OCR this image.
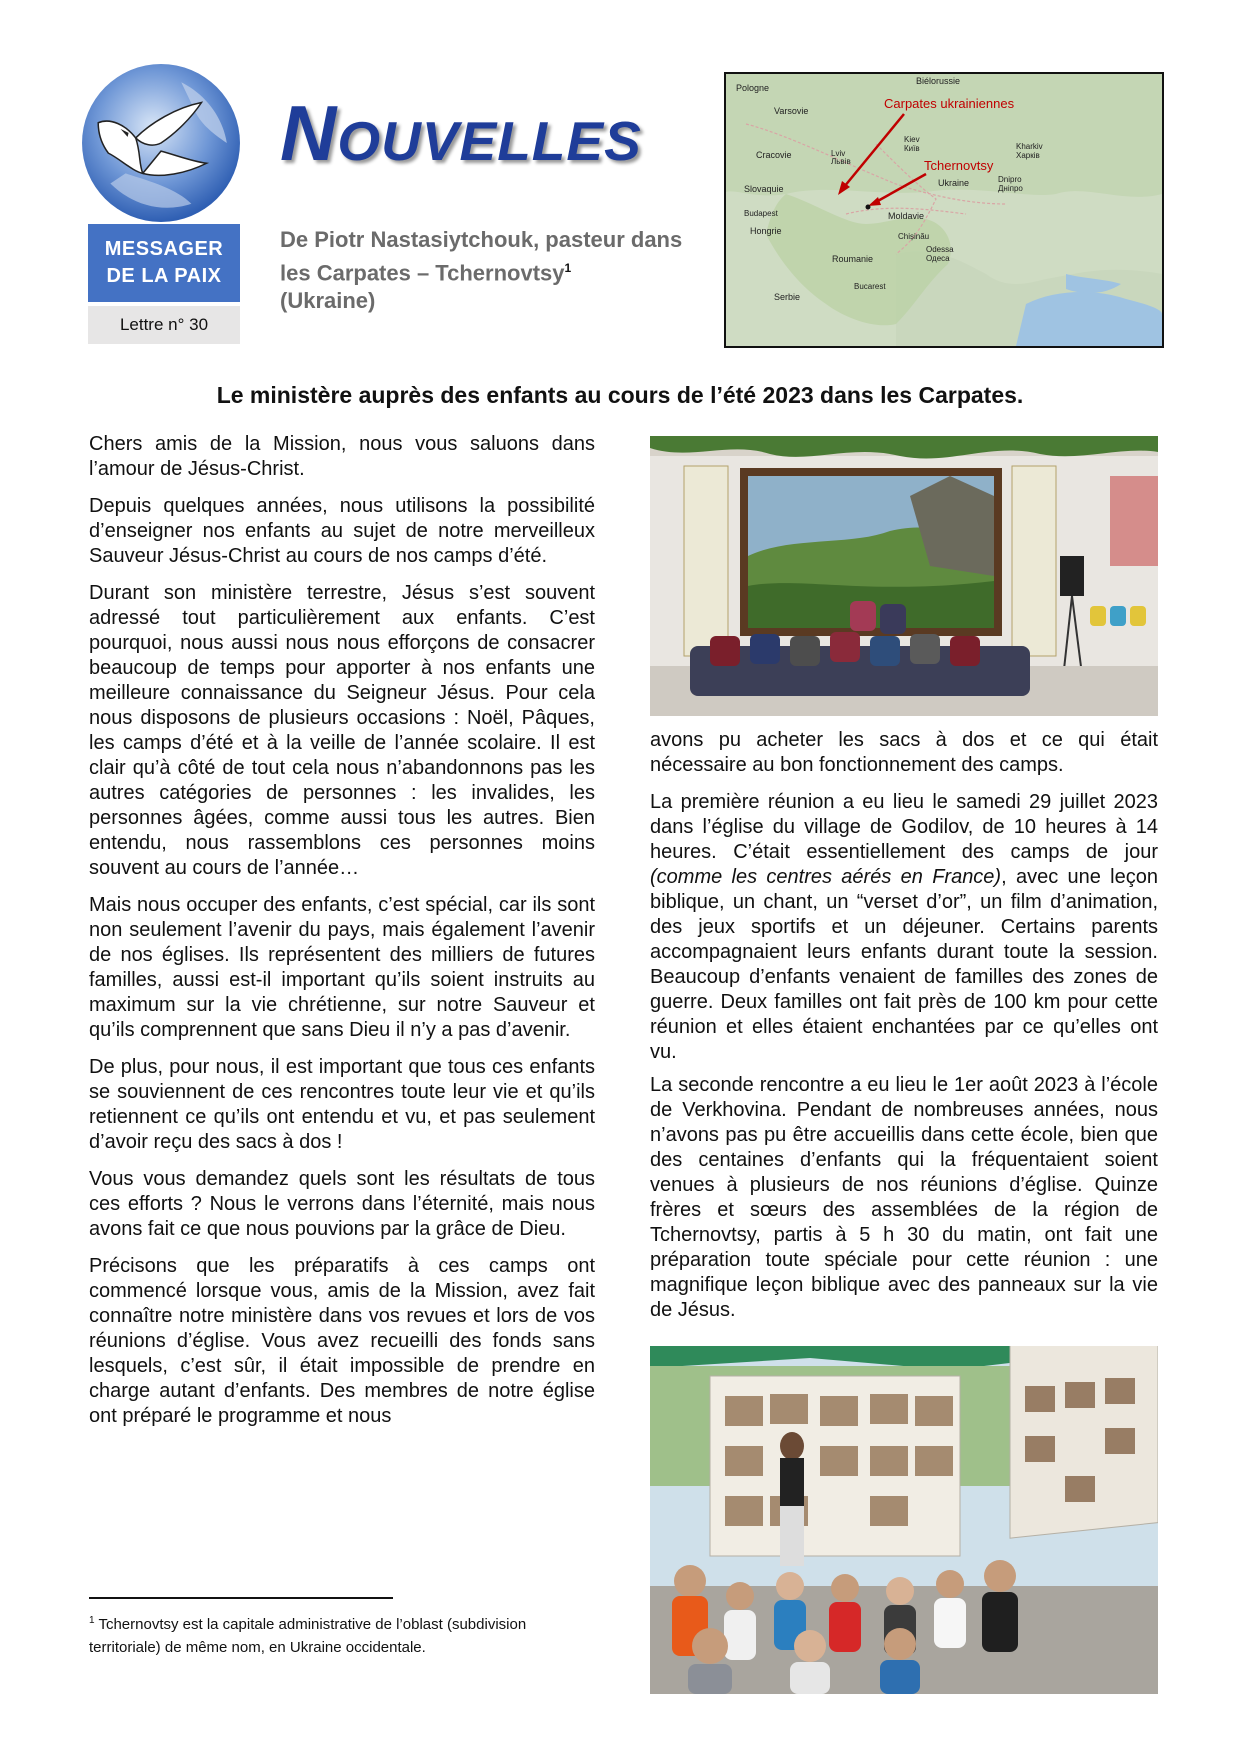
MESSAGER
DE LA PAIX
Lettre n° 30
Nouvelles
De Piotr Nastasiytchouk, pasteur dans les Carpates – Tchernovtsy$^1$
(Ukraine)
Biélorussie
Pologne
Varsovie
Kiev
Київ
Cracovie	Lviv
Львів
Kharkiv
Харків
Slovaquie
Ukraine	Dnipro
Дніпро
Budapest	Moldavie
Hongrie
Chișinău
Odessa
Одеса
Roumanie
Bucarest
Serbie
Carpates ukrainiennes
Tchernovtsy
Le ministère auprès des enfants au cours de l’été 2023 dans les Carpates.

Chers amis de la Mission, nous vous saluons dans l’amour de Jésus-Christ.

Depuis quelques années, nous utilisons la possibilité d’enseigner nos enfants au sujet de notre merveilleux Sauveur Jésus-Christ au cours de nos camps d’été.

Durant son ministère terrestre, Jésus s’est souvent adressé tout particulièrement aux enfants. C’est pourquoi, nous aussi nous nous efforçons de consacrer beaucoup de temps pour apporter à nos enfants une meilleure connaissance du Seigneur Jésus. Pour cela nous disposons de plusieurs occasions : Noël, Pâques, les camps d’été et à la veille de l’année scolaire. Il est clair qu’à côté de tout cela nous n’abandonnons pas les autres catégories de personnes : les invalides, les personnes âgées, comme aussi tous les autres. Bien entendu, nous rassemblons ces personnes moins souvent au cours de l’année…

Mais nous occuper des enfants, c’est spécial, car ils sont non seulement l’avenir du pays, mais également l’avenir de nos églises. Ils représentent des milliers de futures familles, aussi est-il important qu’ils soient instruits au maximum sur la vie chrétienne, sur notre Sauveur et qu’ils comprennent que sans Dieu il n’y a pas d’avenir.

De plus, pour nous, il est important que tous ces enfants se souviennent de ces rencontres toute leur vie et qu’ils retiennent ce qu’ils ont entendu et vu, et pas seulement d’avoir reçu des sacs à dos !

Vous vous demandez quels sont les résultats de tous ces efforts ? Nous le verrons dans l’éternité, mais nous avons fait ce que nous pouvions par la grâce de Dieu.

Précisons que les préparatifs à ces camps ont commencé lorsque vous, amis de la Mission, avez fait connaître notre ministère dans vos revues et lors de vos réunions d’église. Vous avez recueilli des fonds sans lesquels, c’est sûr, il était impossible de prendre en charge autant d’enfants. Des membres de notre église ont préparé le programme et nous

avons pu acheter les sacs à dos et ce qui était nécessaire au bon fonctionnement des camps.

La première réunion a eu lieu le samedi 29 juillet 2023 dans l’église du village de Godilov, de 10 heures à 14 heures. C’était essentiellement des camps de jour (comme les centres aérés en France), avec une leçon biblique, un chant, un “verset d’or”, un film d’animation, des jeux sportifs et un déjeuner. Certains parents accompagnaient leurs enfants durant toute la session. Beaucoup d’enfants venaient de familles des zones de guerre. Deux familles ont fait près de 100 km pour cette réunion et elles étaient enchantées par ce qu’elles ont vu.

La seconde rencontre a eu lieu le 1er août 2023 à l’école de Verkhovina. Pendant de nombreuses années, nous n’avons pas pu être accueillis dans cette école, bien que des centaines d’enfants qui la fréquentaient soient venues à plusieurs de nos réunions d’église. Quinze frères et sœurs des assemblées de la région de Tchernovtsy, partis à 5 h 30 du matin, ont fait une préparation toute spéciale pour cette réunion : une magnifique leçon biblique avec des panneaux sur la vie de Jésus.

$^1$ Tchernovtsy est la capitale administrative de l’oblast (subdivision territoriale) de même nom, en Ukraine occidentale.
